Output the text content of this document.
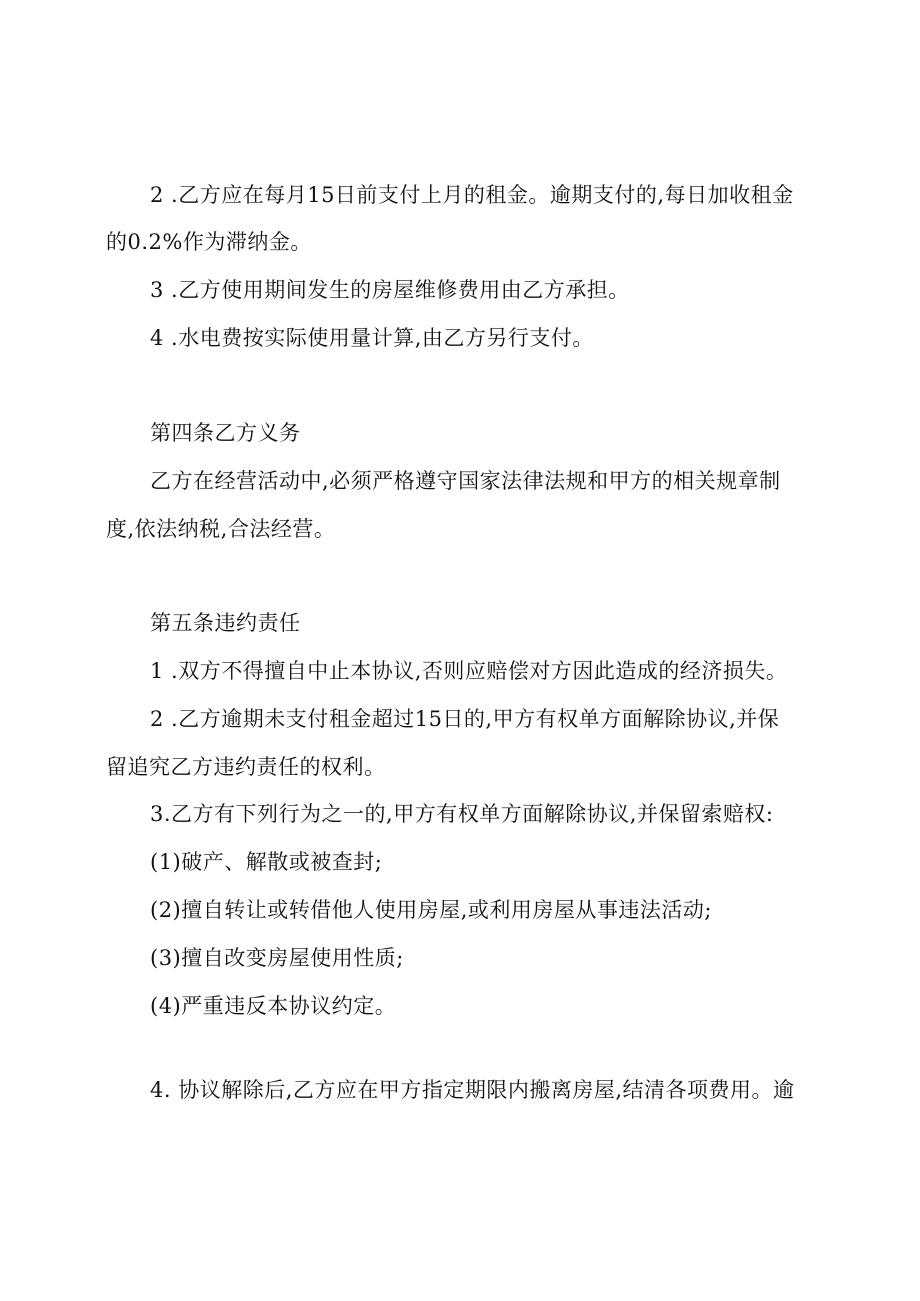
2 .乙方应在每月15日前支付上月的租金。逾期支付的,每日加收租金
的0.2%作为滞纳金。
3 .乙方使用期间发生的房屋维修费用由乙方承担。
4 .水电费按实际使用量计算,由乙方另行支付。
第四条乙方义务
乙方在经营活动中,必须严格遵守国家法律法规和甲方的相关规章制
度,依法纳税,合法经营。
第五条违约责任
1 .双方不得擅自中止本协议,否则应赔偿对方因此造成的经济损失。
2 .乙方逾期未支付租金超过15日的,甲方有权单方面解除协议,并保
留追究乙方违约责任的权利。
3.乙方有下列行为之一的,甲方有权单方面解除协议,并保留索赔权:
(1)破产、解散或被查封;
(2)擅自转让或转借他人使用房屋,或利用房屋从事违法活动;
(3)擅自改变房屋使用性质;
(4)严重违反本协议约定。
4. 协议解除后,乙方应在甲方指定期限内搬离房屋,结清各项费用。逾
